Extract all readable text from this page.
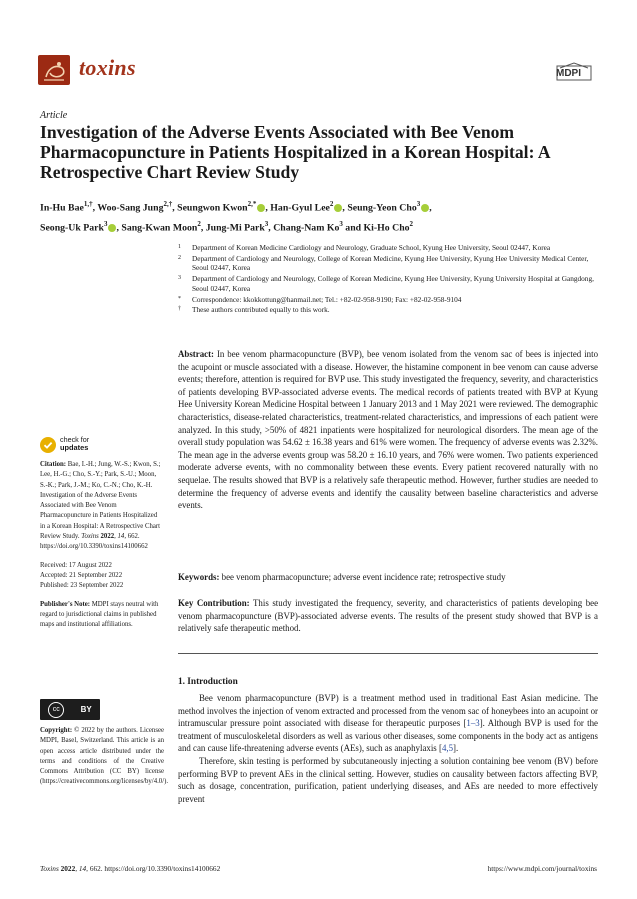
toxins	MDPI
Article
Investigation of the Adverse Events Associated with Bee Venom Pharmacopuncture in Patients Hospitalized in a Korean Hospital: A Retrospective Chart Review Study
In-Hu Bae$^{1,\dagger}$, Woo-Sang Jung$^{2,\dagger}$, Seungwon Kwon$^{2,*}$ , Han-Gyul Lee$^2$ , Seung-Yeon Cho$^3$ ,
Seong-Uk Park$^3$ , Sang-Kwan Moon$^2$, Jung-Mi Park$^3$, Chang-Nam Ko$^3$ and Ki-Ho Cho$^2$
1	Department of Korean Medicine Cardiology and Neurology, Graduate School, Kyung Hee University, Seoul 02447, Korea
2	Department of Cardiology and Neurology, College of Korean Medicine, Kyung Hee University, Kyung Hee University Medical Center, Seoul 02447, Korea
3	Department of Cardiology and Neurology, College of Korean Medicine, Kyung Hee University, Kyung University Hospital at Gangdong, Seoul 02447, Korea
*	Correspondence: kkokkottung@hanmail.net; Tel.: +82-02-958-9190; Fax: +82-02-958-9104
†	These authors contributed equally to this work.
Abstract: In bee venom pharmacopuncture (BVP), bee venom isolated from the venom sac of bees is injected into the acupoint or muscle associated with a disease. However, the histamine component in bee venom can cause adverse events; therefore, attention is required for BVP use. This study investigated the frequency, severity, and characteristics of patients developing BVP-associated adverse events. The medical records of patients treated with BVP at Kyung Hee University Korean Medicine Hospital between 1 January 2013 and 1 May 2021 were reviewed. The demographic characteristics, disease-related characteristics, treatment-related characteristics, and impressions of each patient were analyzed. In this study, >50% of 4821 inpatients were hospitalized for neurological disorders. The mean age of the overall study population was 54.62 ± 16.38 years and 61% were women. The frequency of adverse events was 2.32%. The mean age in the adverse events group was 58.20 ± 16.10 years, and 76% were women. Two patients experienced moderate adverse events, with no commonality between these events. Every patient recovered naturally with no sequelae. The results showed that BVP is a relatively safe therapeutic method. However, further studies are needed to determine the frequency of adverse events and identify the causality between baseline characteristics and adverse events.
Keywords: bee venom pharmacopuncture; adverse event incidence rate; retrospective study
Key Contribution: This study investigated the frequency, severity, and characteristics of patients developing bee venom pharmacopuncture (BVP)-associated adverse events. The results of the present study showed that BVP is a relatively safe therapeutic method.
check for
updates

Citation: Bae, I.-H.; Jung, W.-S.; Kwon, S.; Lee, H.-G.; Cho, S.-Y.; Park, S.-U.; Moon, S.-K.; Park, J.-M.; Ko, C.-N.; Cho, K.-H. Investigation of the Adverse Events Associated with Bee Venom Pharmacopuncture in Patients Hospitalized in a Korean Hospital: A Retrospective Chart Review Study. Toxins 2022, 14, 662. https://doi.org/10.3390/toxins14100662

Received: 17 August 2022

Accepted: 21 September 2022

Published: 23 September 2022

Publisher's Note: MDPI stays neutral with regard to jurisdictional claims in published maps and institutional affiliations.

cc	BY
Copyright: © 2022 by the authors. Licensee MDPI, Basel, Switzerland. This article is an open access article distributed under the terms and conditions of the Creative Commons Attribution (CC BY) license (https://creativecommons.org/licenses/by/4.0/).
1. Introduction

Bee venom pharmacopuncture (BVP) is a treatment method used in traditional East Asian medicine. The method involves the injection of venom extracted and processed from the venom sac of honeybees into an acupoint or intramuscular pressure point associated with disease for therapeutic purposes [1–3]. Although BVP is used for the treatment of musculoskeletal disorders as well as various other diseases, some components in the body act as antigens and can cause life-threatening adverse events (AEs), such as anaphylaxis [4,5].

Therefore, skin testing is performed by subcutaneously injecting a solution containing bee venom (BV) before performing BVP to prevent AEs in the clinical setting. However, studies on causality between factors affecting BVP, such as dosage, concentration, purification, patient underlying diseases, and AEs are needed to more effectively prevent

Toxins 2022, 14, 662. https://doi.org/10.3390/toxins14100662	https://www.mdpi.com/journal/toxins
